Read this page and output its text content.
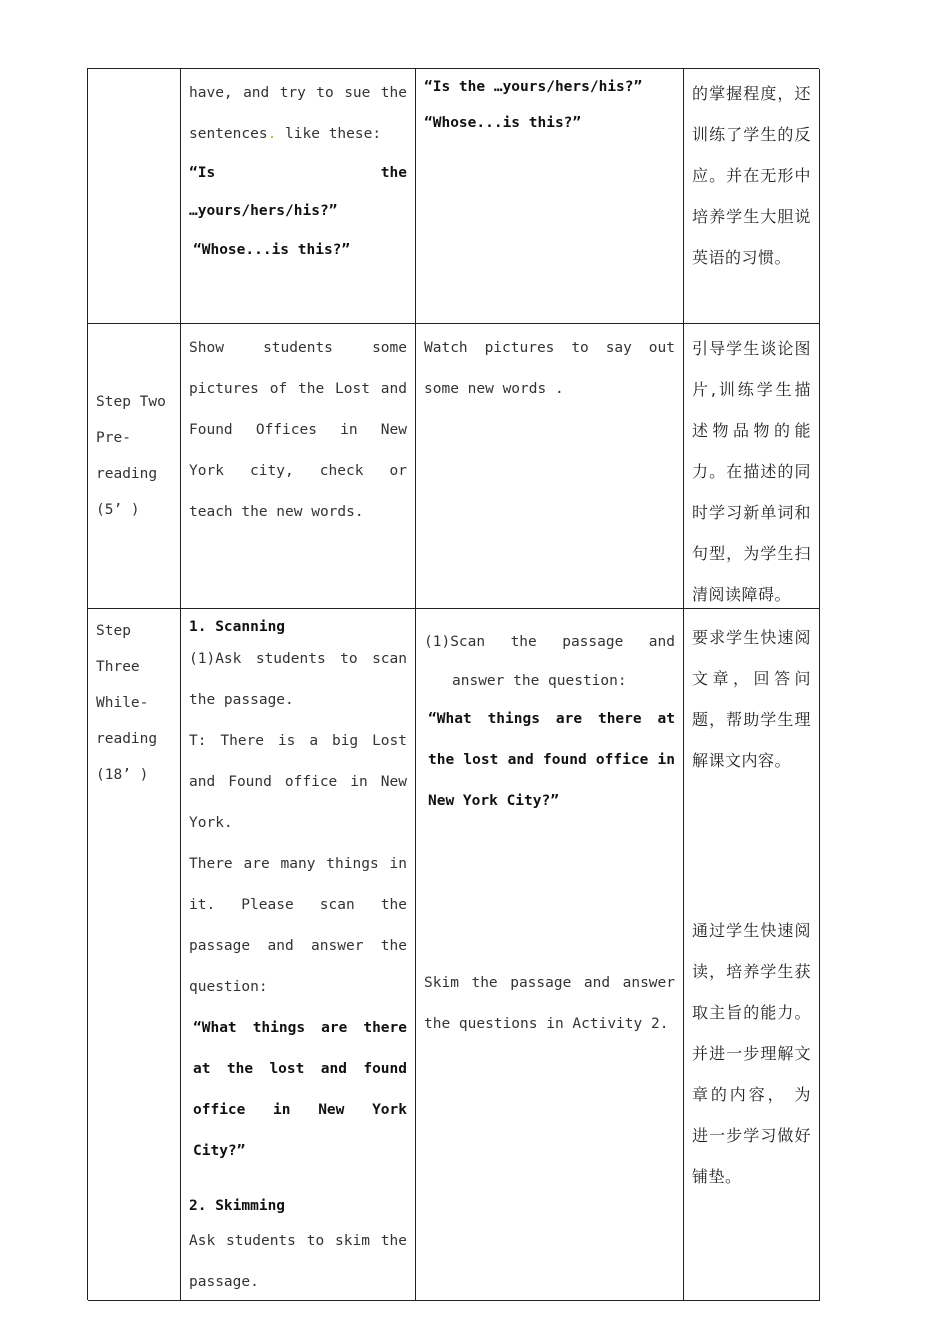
have, and try to sue the

sentences. like these:

“Is	the

…yours/hers/his?”

“Whose...is this?”

“Is the …yours/hers/his?”

“Whose...is this?”

的掌握程度，还训练了学生的反应。并在无形中培养学生大胆说英语的习惯。

Step Two

Pre-

reading

(5’ )

Show students some pictures of the Lost and Found Offices in New York city, check or teach the new words.

Watch pictures to say out some new words .

引导学生谈论图片,训练学生描述物品物的能力。在描述的同时学习新单词和句型，为学生扫清阅读障碍。

Step

Three

While-

reading

(18’ )

1. Scanning

(1)Ask students to scan the passage.

T: There is a big Lost and Found office in New York.

There are many things in it. Please scan the passage and answer the question:

“What things are there at the lost and found office in New York City?”

2. Skimming

Ask students to skim the passage.

(1)Scan the passage and

answer the question:

“What things are there at the lost and found office in New York City?”

Skim the passage and answer the questions in Activity 2.

要求学生快速阅文章，回答问题，帮助学生理解课文内容。

通过学生快速阅读，培养学生获取主旨的能力。并进一步理解文章的内容， 为进一步学习做好铺垫。
